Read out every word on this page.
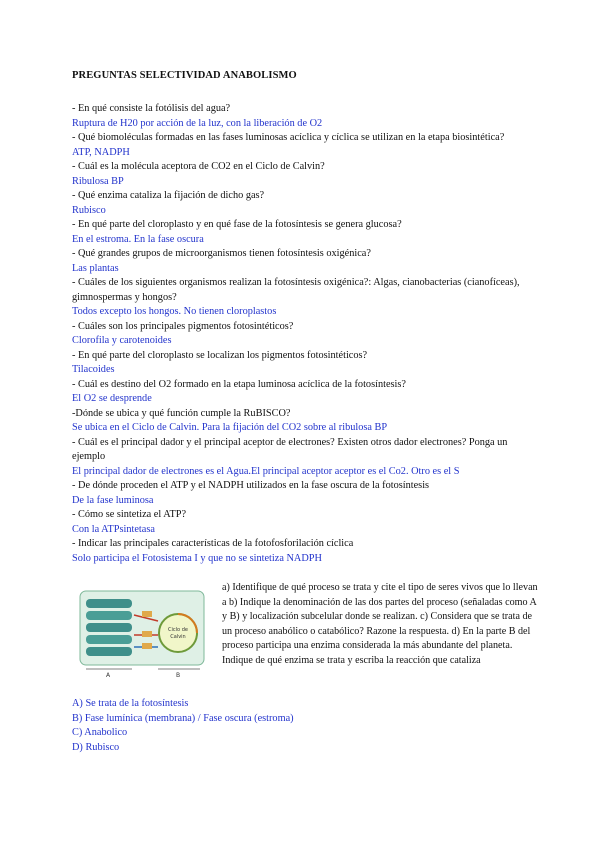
PREGUNTAS SELECTIVIDAD ANABOLISMO

- En qué consiste la fotólisis del agua?

Ruptura de H20 por acción de la luz, con la liberación de O2

- Qué biomoléculas formadas en las fases luminosas acíclica y cíclica se utilizan en la etapa biosintética?

ATP, NADPH

- Cuál es la molécula aceptora de CO2 en el Ciclo de Calvin?

Ribulosa BP

- Qué enzima cataliza la fijación de dicho gas?

Rubisco

- En qué parte del cloroplasto y en qué fase de la fotosíntesis se genera glucosa?

En el estroma. En la fase oscura

- Qué grandes grupos de microorganismos tienen fotosíntesis oxigénica?

Las plantas

- Cuáles de los siguientes organismos realizan la fotosíntesis oxigénica?: Algas, cianobacterias (cianofíceas), gimnospermas y hongos?

Todos excepto los hongos. No tienen cloroplastos

- Cuáles son los principales pigmentos fotosintéticos?

Clorofila y carotenoides

- En qué parte del cloroplasto se localizan los pigmentos fotosintéticos?

Tilacoides

- Cuál es destino del O2 formado en la etapa luminosa acíclica de la fotosíntesis?

El O2 se desprende

-Dónde se ubica y qué función cumple la RuBISCO?

Se ubica en el Ciclo de Calvin. Para la fijación del CO2 sobre al ribulosa BP

- Cuál es el principal dador y el principal aceptor de electrones? Existen otros dador electrones? Ponga un ejemplo

El principal dador de electrones es el Agua.El principal aceptor aceptor es el Co2. Otro es el S

- De dónde proceden el ATP y el NADPH utilizados en la fase oscura de la fotosíntesis

De la fase luminosa

- Cómo se sintetiza el ATP?

Con la ATPsintetasa

- Indicar las principales características de la fotofosforilación cíclica

Solo participa el Fotosistema I y que no se sintetiza NADPH

Ciclo de
Calvin
A	B

a) Identifique de qué proceso se trata y cite el tipo de seres vivos que lo llevan a b) Indique la denominación de las dos partes del proceso (señaladas como A y B) y localización subcelular donde se realizan. c) Considera que se trata de un proceso anabólico o catabólico? Razone la respuesta. d) En la parte B del proceso participa una enzima considerada la más abundante del planeta. Indique de qué enzima se trata y escriba la reacción que cataliza

A) Se trata de la fotosíntesis

B) Fase lumínica (membrana) / Fase oscura (estroma)

C) Anabolico

D) Rubisco
